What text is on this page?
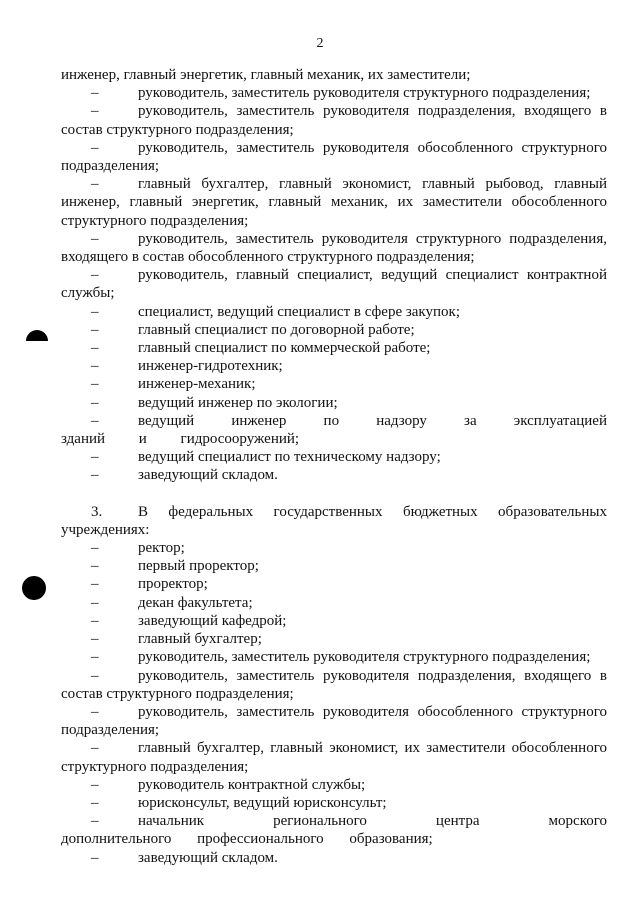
2

инженер, главный энергетик, главный механик, их заместители;

–	руководитель, заместитель руководителя структурного подразделения;

–	руководитель, заместитель руководителя подразделения, входящего в состав структурного подразделения;

–	руководитель, заместитель руководителя обособленного структурного подразделения;

–	главный бухгалтер, главный экономист, главный рыбовод, главный инженер, главный энергетик, главный механик, их заместители обособленного структурного подразделения;

–	руководитель, заместитель руководителя структурного подразделения, входящего в состав обособленного структурного подразделения;

–	руководитель, главный специалист, ведущий специалист контрактной службы;

–	специалист, ведущий специалист в сфере закупок;

–	главный специалист по договорной работе;

–	главный специалист по коммерческой работе;

–	инженер-гидротехник;

–	инженер-механик;

–	ведущий инженер по экологии;

–	ведущий инженер по надзору за эксплуатацией зданий и гидросооружений;

–	ведущий специалист по техническому надзору;

–	заведующий складом.

3. В федеральных государственных бюджетных образовательных учреждениях:

–	ректор;

–	первый проректор;

–	проректор;

–	декан факультета;

–	заведующий кафедрой;

–	главный бухгалтер;

–	руководитель, заместитель руководителя структурного подразделения;

–	руководитель, заместитель руководителя подразделения, входящего в состав структурного подразделения;

–	руководитель, заместитель руководителя обособленного структурного подразделения;

–	главный бухгалтер, главный экономист, их заместители обособленного структурного подразделения;

–	руководитель контрактной службы;

–	юрисконсульт, ведущий юрисконсульт;

–	начальник регионального центра морского дополнительного профессионального образования;

–	заведующий складом.
